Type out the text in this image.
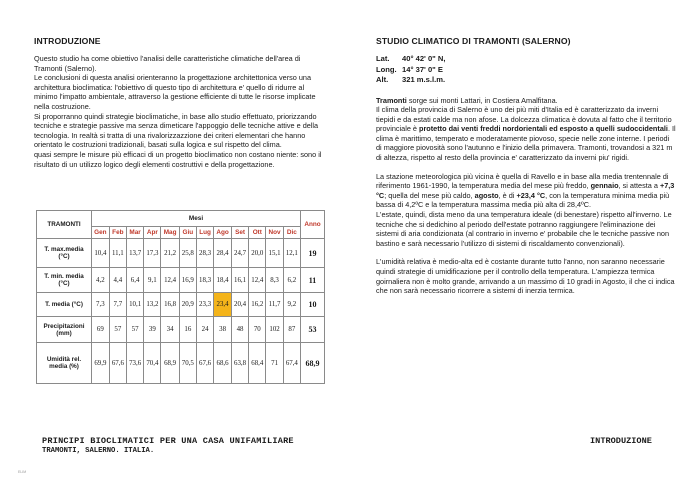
INTRODUZIONE

Questo studio ha come obiettivo l'analisi delle caratteristiche climatiche dell'area di Tramonti (Salerno).

Le conclusioni di questa analisi orienteranno la progettazione architettonica verso una architettura bioclimatica: l'obiettivo di questo tipo di architettura e' quello di ridurre al minimo l'impatto ambientale, attraverso la gestione efficiente di tutte le risorse implicate nella costruzione.

Si proporranno quindi strategie bioclimatiche, in base allo studio effettuato, priorizzando tecniche e strategie passive ma senza dimeticare l'appoggio delle tecniche attive e della tecnologia. In realtà si tratta di una rivalorizzazzione dei criteri elementari che hanno orientato le costruzioni tradizionali, basati sulla logica e sul rispetto del clima.

quasi sempre le misure più efficaci di un progetto bioclimatico non costano niente: sono il risultato di un utilizzo logico degli elementi costruttivi e della progettazione.

TRAMONTI	Mesi												Anno
	Gen	Feb	Mar	Apr	Mag	Giu	Lug	Ago	Set	Ott	Nov	Dic	
T. max.media (°C)	10,4	11,1	13,7	17,3	21,2	25,8	28,3	28,4	24,7	20,0	15,1	12,1	19
T. min. media (°C)	4,2	4,4	6,4	9,1	12,4	16,9	18,3	18,4	16,1	12,4	8,3	6,2	11
T. media (°C)	7,3	7,7	10,1	13,2	16,8	20,9	23,3	23,4	20,4	16,2	11,7	9,2	10
Precipitazioni (mm)	69	57	57	39	34	16	24	38	48	70	102	87	53
Umidità rel. media (%)	69,9	67,6	73,6	70,4	68,9	70,5	67,6	68,6	63,8	68,4	71	67,4	68,9
STUDIO CLIMATICO DI TRAMONTI (SALERNO)
Lat. 40° 42' 0" N,
Long. 14° 37' 0" E
Alt. 321 m.s.l.m.
Tramonti sorge sui monti Lattari, in Costiera Amalfitana.
Il clima della provincia di Salerno è uno dei più miti d'Italia ed è caratterizzato da inverni tiepidi e da estati calde ma non afose. La dolcezza climatica è dovuta al fatto che il territorio provinciale è protetto dai venti freddi nordorientali ed esposto a quelli sudoccidentali. Il clima è marittimo, temperato e moderatamente piovoso, specie nelle zone interne. I periodi di maggiore piovosità sono l'autunno e l'inizio della primavera. Tramonti, trovandosi a 321 m di altezza, rispetto al resto della provincia e' caratterizzato da inverni piu' rigidi.
La stazione meteorologica più vicina è quella di Ravello e in base alla media trentennale di riferimento 1961-1990, la temperatura media del mese più freddo, gennaio, si attesta a +7,3 °C; quella del mese più caldo, agosto, è di +23,4 °C, con la temperatura minima media più bassa di 4,2ºC e la temperatura massima media più alta di 28,4ºC.
L'estate, quindi, dista meno da una temperatura ideale (di benestare) rispetto all'inverno. Le tecniche che si dedichino al periodo dell'estate potranno raggiungere l'eliminazione dei sistemi di aria condizionata (al contrario in inverno e' probabile che le tecniche passive non bastino e sarà necessario l'utilizzo di sistemi di riscaldamento convenzionali).
L'umidità relativa è medio-alta ed è costante durante tutto l'anno, non saranno necessarie quindi strategie di umidificazione per il controllo della temperatura. L'ampiezza termica goirnaliera non è molto grande, arrivando a un massimo di 10 gradi in Agosto, il che ci indica che non sarà necessario ricorrere a sistemi di inerzia termica.
ELIM
PRINCIPI BIOCLIMATICI PER UNA CASA UNIFAMILIARE
TRAMONTI, SALERNO. ITALIA.
INTRODUZIONE
